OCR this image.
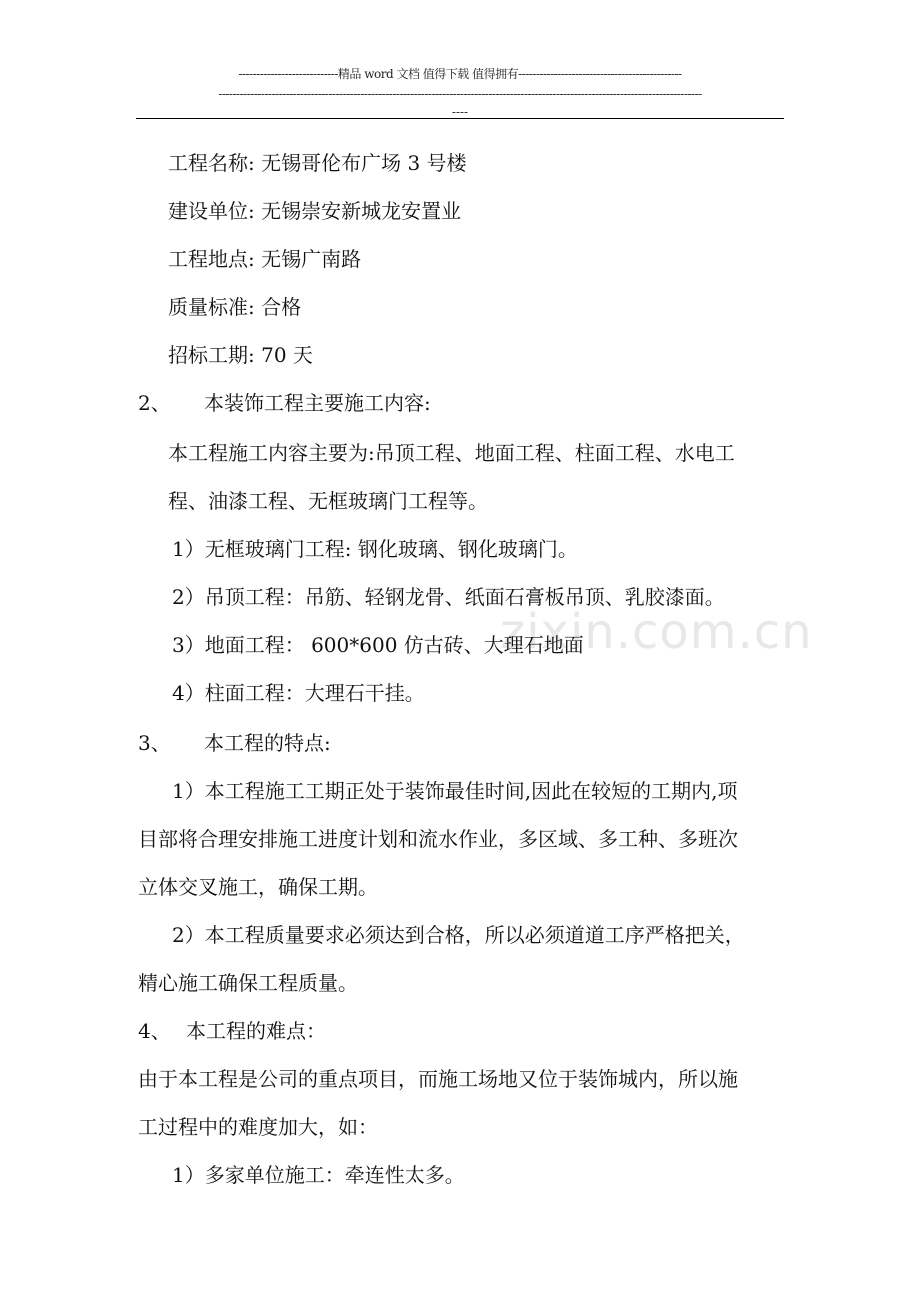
----------------------------精品 word 文档 值得下载 值得拥有----------------------------------------------
----------------------------------------------------------------------------------------------------------------------------------------
----
zixin.com.cn
工程名称: 无锡哥伦布广场 3 号楼
建设单位: 无锡崇安新城龙安置业
工程地点: 无锡广南路
质量标准: 合格
招标工期: 70 天
2、 本装饰工程主要施工内容:
本工程施工内容主要为:吊顶工程、地面工程、柱面工程、水电工
程、油漆工程、无框玻璃门工程等。
1）无框玻璃门工程: 钢化玻璃、钢化玻璃门。
2）吊顶工程：吊筋、轻钢龙骨、纸面石膏板吊顶、乳胶漆面。
3）地面工程： 600*600 仿古砖、大理石地面
4）柱面工程：大理石干挂。
3、 本工程的特点:
1）本工程施工工期正处于装饰最佳时间,因此在较短的工期内,项
目部将合理安排施工进度计划和流水作业，多区域、多工种、多班次
立体交叉施工，确保工期。
2）本工程质量要求必须达到合格，所以必须道道工序严格把关，
精心施工确保工程质量。
4、 本工程的难点：
由于本工程是公司的重点项目，而施工场地又位于装饰城内，所以施
工过程中的难度加大，如：
1）多家单位施工：牵连性太多。
